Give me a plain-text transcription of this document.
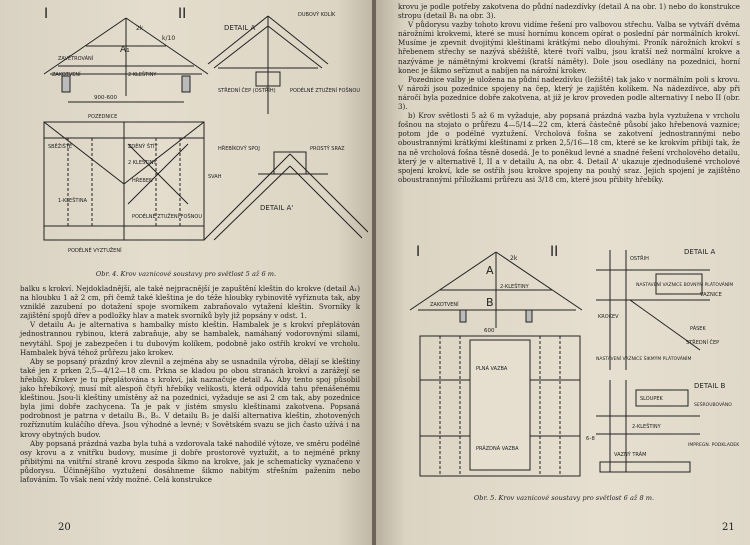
I	II
DETAIL A
A₁
2k
k/10
ZAVĚTROVÁNÍ
ZAKOTVENÍ	2 KLEŠTINY
900-600
DUBOVÝ KOLÍK
STŘEDNÍ ČEP (OSTŘÍH)	PODÉLNÉ ZTUŽENÍ FOŠNOU
POZEDNICE
SBĚŽIŠTĚ	ZDĚNÝ ŠTÍT
2 KLEŠTINY
HŘEBEN
1-KLEŠTINA
PODÉLNÉ ZTUŽENÍ FOŠNOU
PODÉLNÉ VYZTUŽENÍ
HŘEBÍKOVÝ SPOJ	PROSTÝ SRAZ
DETAIL A'
SVAH
Obr. 4. Krov vaznicové soustavy pro světlost 5 až 6 m.

balku s krokví. Nejdokladnější, ale také nejpracnější je zapuštění kleštin do krokve (detail A₁) na hloubku 1 až 2 cm, při čemž také kleština je do téže hloubky rybinovitě vyříznuta tak, aby vzniklé zazubení po dotažení spoje svorníkem zabraňovalo vytažení kleštin. Svorníky k zajištění spojů dřev a podložky hlav a matek svorníků byly již popsány v odst. 1.

V detailu A₂ je alternativa s hambalky místo kleštin. Hambalek je s krokví přeplátován jednostrannou rybinou, která zabraňuje, aby se hambalek, namáhaný vodorovnými silami, nevytáhl. Spoj je zabezpečen i tu dubovým kolíkem, podobně jako ostřih krokví ve vrcholu. Hambalek bývá téhož průřezu jako krokev.

Aby se popsaný prázdný krov zlevnil a zejména aby se usnadnila výroba, dělají se kleštiny také jen z prken 2,5—4/12—18 cm. Prkna se kladou po obou stranách krokví a zarážejí se hřebíky. Krokev je tu přeplátována s krokví, jak naznačuje detail A₄. Aby tento spoj působil jako hřebíkový, musí mít alespoň čtyři hřebíky velikosti, která odpovídá tahu přenášenému kleštinou. Jsou-li kleštiny umístěny až na pozednici, vyžaduje se asi 2 cm tak, aby pozednice byla jimi dobře zachycena. Ta je pak v jistém smyslu kleštinami zakotvena. Popsaná podrobnost je patrna v detailu B₁, B₂. V detailu B₂ je další alternativa kleštin, zhotovených rozříznutím kuláčího dřeva. Jsou výhodné a levné; v Sovětském svazu se jich často užívá i na krovy obytných budov.

Aby popsaná prázdná vazba byla tuhá a vzdorovala také nahodilé výtoze, ve směru podélné osy krovu a z vnitřku budovy, musíme ji dobře prostorově vyztužit, a to nejméně prkny přibitými na vnitřní straně krovu zespoda šikmo na krokve, jak je schematicky vyznačeno v půdorysu. Účinnějšího vyztužení dosáhneme šikmo nabitým střešním pažením nebo laťováním. To však není vždy možné. Celá konstrukce

20

krovu je podle potřeby zakotvena do půdní nadezdívky (detail A na obr. 1) nebo do konstrukce stropu (detail B₁ na obr. 3).

V půdorysu vazby tohoto krovu vidíme řešení pro valbovou střechu. Valba se vytváří dvěma nárožními krokvemi, které se musí hornímu koncem opírat o poslední pár normálních krokví. Musíme je zpevnit dvojitými kleštinami krátkými nebo dlouhými. Proník nárožních krokví s hřebenem střechy se nazývá sběžiště, které tvoří valbu, jsou kratší než normální krokve a nazýváme je námětnými krokvemi (kratší náměty). Dole jsou osedlány na pozednici, horní konec je šikmo seříznut a nabíjen na nárožní krokev.

Pozednice valby je uložena na půdní nadezdívku (ležiště) tak jako v normálním poli s krovu. V nároží jsou pozednice spojeny na čep, který je zajištěn kolíkem. Na nádezdívce, aby při náročí byla pozednice dobře zakotvena, at již je krov proveden podle alternativy I nebo II (obr. 3).

b) Krov světlosti 5 až 6 m vyžaduje, aby popsaná prázdná vazba byla vyztužena v vrcholu fošnou na stojato o průřezu 4—5/14—22 cm, která částečně působí jako hřebenová vaznice; potom jde o podélné vyztužení. Vrcholová fošna se zakotvení jednostrannými nebo oboustrannými krátkými kleštinami z prken 2,5/16—18 cm, které se ke krokvím přibijí tak, že na ně vrcholová fošna těsně dosedá. Je to poněkud levné a snadné řešení vrcholového detailu, který je v alternativě I, II a v detailu A, na obr. 4. Detail A' ukazuje zjednodušené vrcholové spojení krokví, kde se ostřih jsou krokve spojeny na pouhý sraz. Jejich spojení je zajištěno oboustrannými příložkami průřezu asi 3/18 cm, které jsou přibity hřebíky.

I	II
A
B
2k
2-KLEŠTINY
ZAKOTVENÍ
600
PLNÁ VAZBA
PRÁZDNÁ VAZBA
DETAIL A
OSTŘIH
NASTAVENÍ VAZNICE BOVNÝM PLÁTOVÁNÍM
KROKEV
PÁSEK
STŘEDNÍ ČEP
NASTAVENÍ VAZNICE ŠIKMÝM PLÁTOVÁNÍM
SLOUPEK
DETAIL B
2-KLEŠTINY
SEŠROUBOVÁNO
VAZNÝ TRÁM
IMPREGN. PODKLADEK
6–8
VAZNICE
Obr. 5. Krov vaznicové soustavy pro světlost 6 až 8 m.
21
